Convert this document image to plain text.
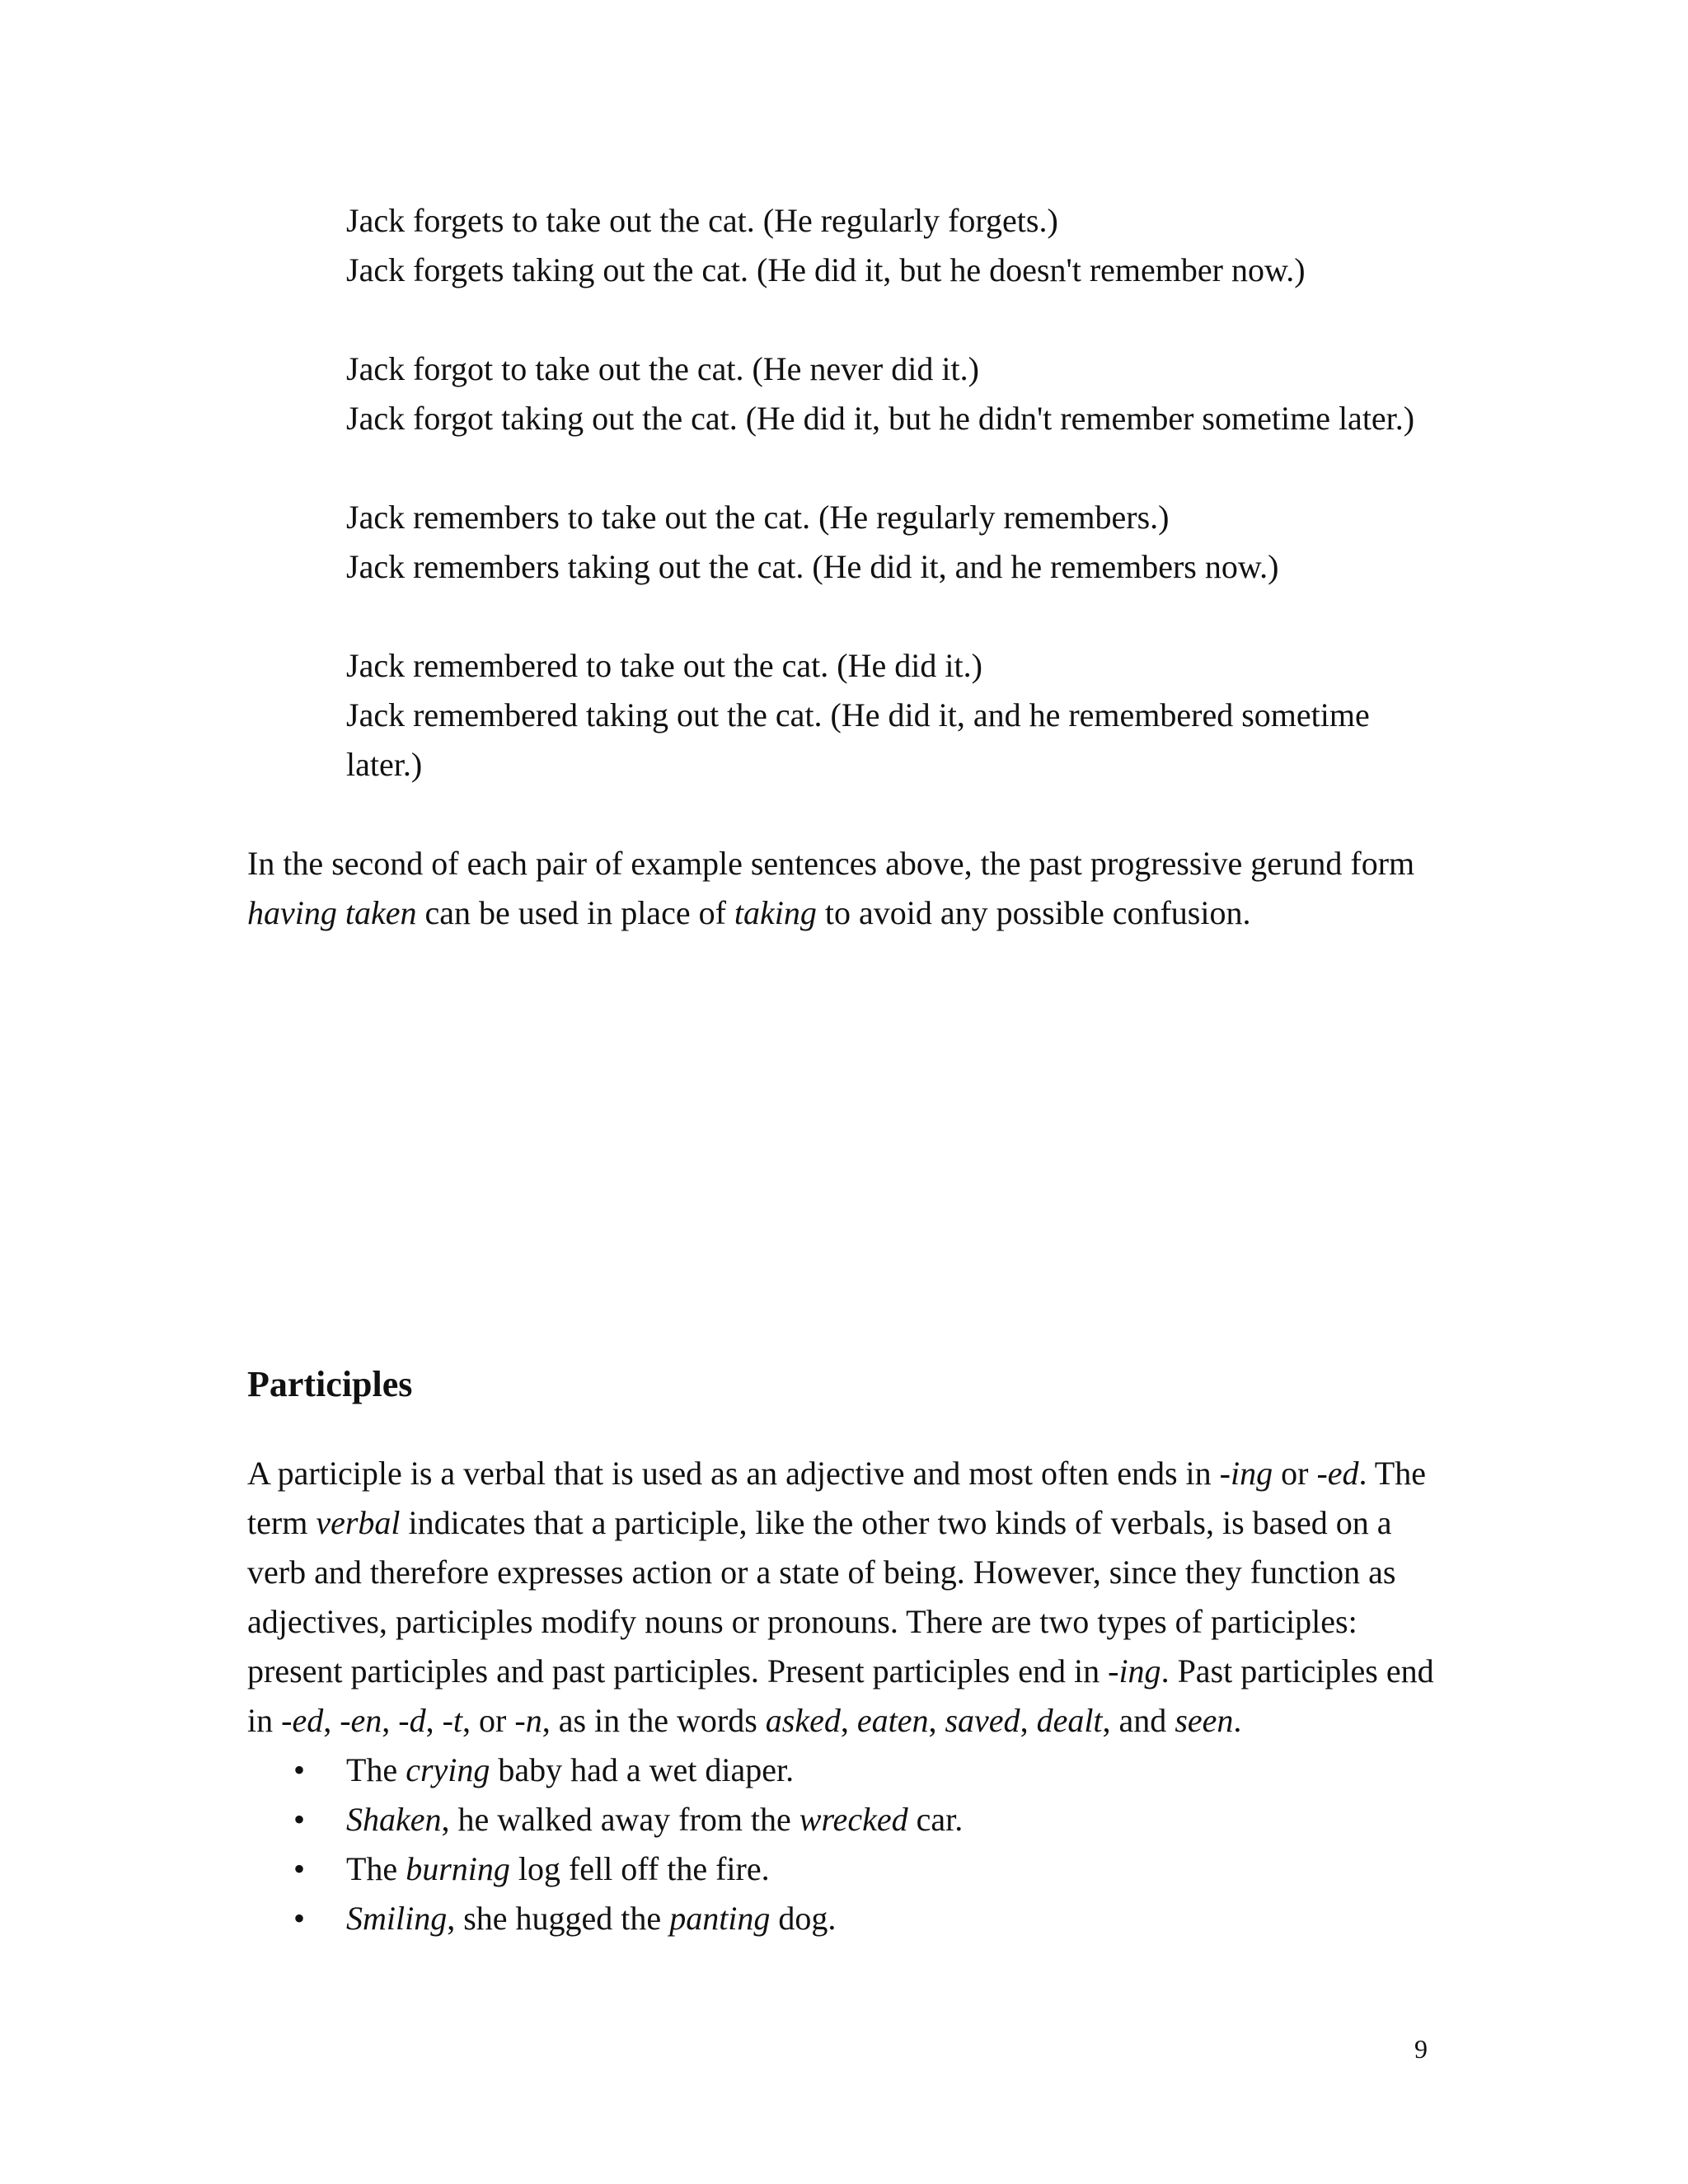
Jack forgets to take out the cat. (He regularly forgets.)
Jack forgets taking out the cat. (He did it, but he doesn't remember now.)
Jack forgot to take out the cat. (He never did it.)
Jack forgot taking out the cat. (He did it, but he didn't remember sometime later.)
Jack remembers to take out the cat. (He regularly remembers.)
Jack remembers taking out the cat. (He did it, and he remembers now.)
Jack remembered to take out the cat. (He did it.)
Jack remembered taking out the cat. (He did it, and he remembered sometime
later.)
In the second of each pair of example sentences above, the past progressive gerund form
having taken can be used in place of taking to avoid any possible confusion.
Participles
A participle is a verbal that is used as an adjective and most often ends in -ing or -ed. The
term verbal indicates that a participle, like the other two kinds of verbals, is based on a
verb and therefore expresses action or a state of being. However, since they function as
adjectives, participles modify nouns or pronouns. There are two types of participles:
present participles and past participles. Present participles end in -ing. Past participles end
in -ed, -en, -d, -t, or -n, as in the words asked, eaten, saved, dealt, and seen.
• The crying baby had a wet diaper.
• Shaken, he walked away from the wrecked car.
• The burning log fell off the fire.
• Smiling, she hugged the panting dog.
9
